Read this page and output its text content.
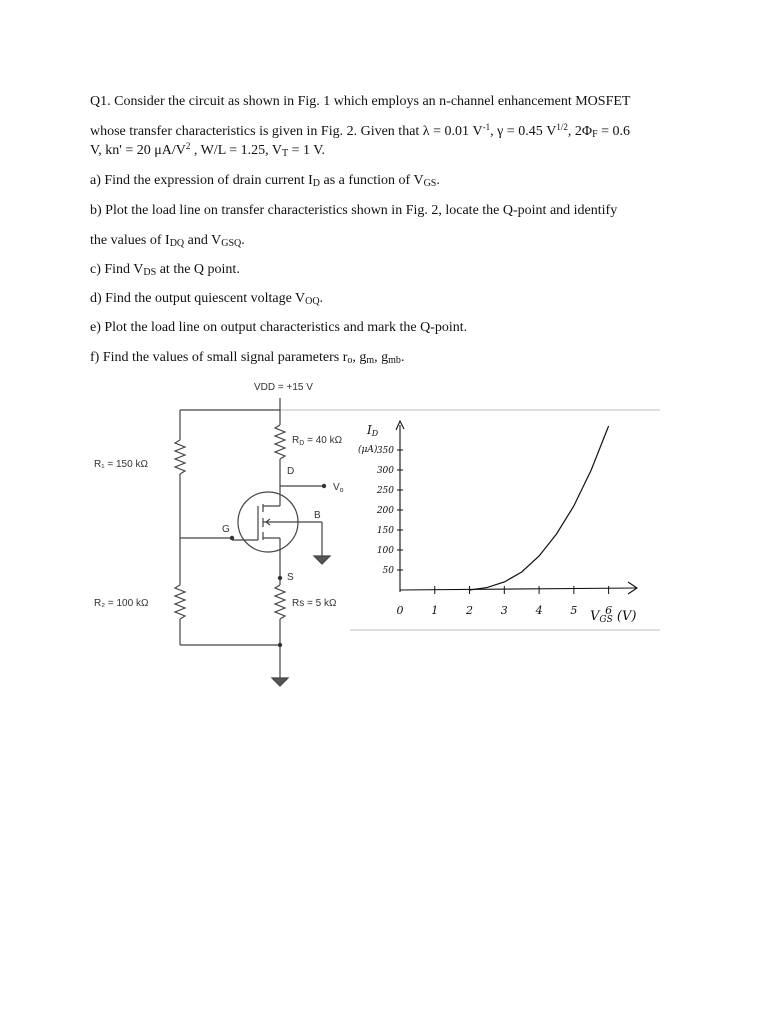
Q1. Consider the circuit as shown in Fig. 1 which employs an n-channel enhancement MOSFET
whose transfer characteristics is given in Fig. 2. Given that λ = 0.01 $V^{-1}$, γ = 0.45 $V^{1/2}$, $2\Phi_F = 0.6$
V, kn' = 20 $\mu A/V^2$ , W/L = 1.25, $V_T = 1$ V.
a) Find the expression of drain current $I_D$ as a function of $V_{GS}$.
b) Plot the load line on transfer characteristics shown in Fig. 2, locate the Q-point and identify
the values of $I_{DQ}$ and $V_{GSQ}$.
c) Find $V_{DS}$ at the Q point.
d) Find the output quiescent voltage $V_{OQ}$.
e) Plot the load line on output characteristics and mark the Q-point.
f) Find the values of small signal parameters $r_o$, $g_m$, $g_{mb}$.
VDD = +15 V
R₁ = 150 kΩ
R₂ = 100 kΩ
$R_D = 40$ kΩ
Rs = 5 kΩ
D
G
S
B
$V_o$
50
100
150
200
250
300
350
0	1	2	3	4	5	6
ID
(μA)
VGS (V)
